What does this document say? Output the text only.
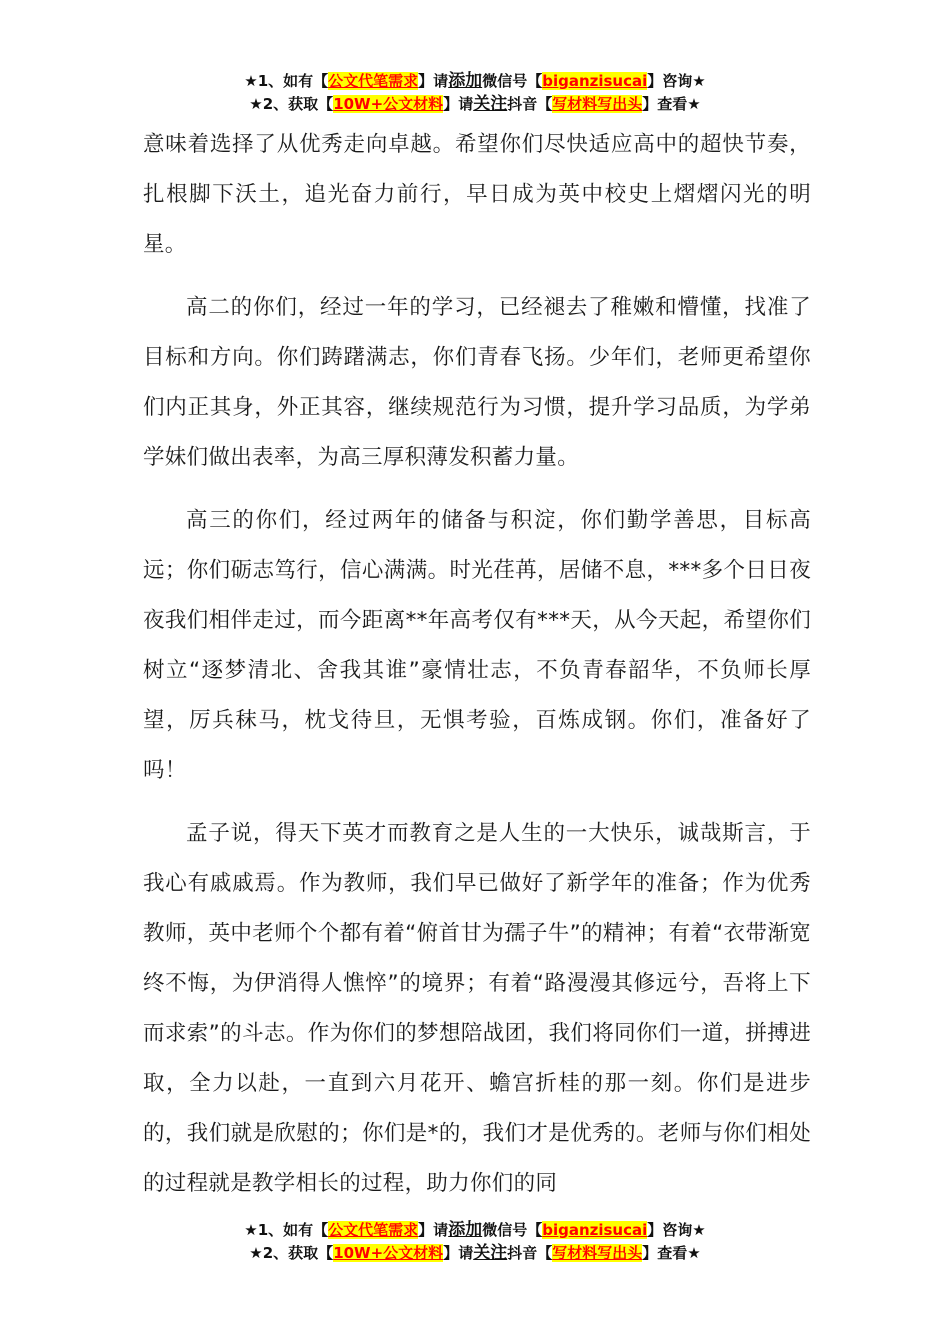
★1、如有【公文代笔需求】请添加微信号【biganzisucai】咨询★
★2、获取【10W+公文材料】请关注抖音【写材料写出头】查看★

意味着选择了从优秀走向卓越。希望你们尽快适应高中的超快节奏，扎根脚下沃土，追光奋力前行，早日成为英中校史上熠熠闪光的明星。

高二的你们，经过一年的学习，已经褪去了稚嫩和懵懂，找准了目标和方向。你们踌躇满志，你们青春飞扬。少年们，老师更希望你们内正其身，外正其容，继续规范行为习惯，提升学习品质，为学弟学妹们做出表率，为高三厚积薄发积蓄力量。

高三的你们，经过两年的储备与积淀，你们勤学善思，目标高远；你们砺志笃行，信心满满。时光荏苒，居储不息，***多个日日夜夜我们相伴走过，而今距离**年高考仅有***天，从今天起，希望你们树立“逐梦清北、舍我其谁”豪情壮志，不负青春韶华，不负师长厚望，厉兵秣马，枕戈待旦，无惧考验，百炼成钢。你们，准备好了吗！

孟子说，得天下英才而教育之是人生的一大快乐，诚哉斯言，于我心有戚戚焉。作为教师，我们早已做好了新学年的准备；作为优秀教师，英中老师个个都有着“俯首甘为孺子牛”的精神；有着“衣带渐宽终不悔，为伊消得人憔悴”的境界；有着“路漫漫其修远兮，吾将上下而求索”的斗志。作为你们的梦想陪战团，我们将同你们一道，拼搏进取，全力以赴，一直到六月花开、蟾宫折桂的那一刻。你们是进步的，我们就是欣慰的；你们是*的，我们才是优秀的。老师与你们相处的过程就是教学相长的过程，助力你们的同

★1、如有【公文代笔需求】请添加微信号【biganzisucai】咨询★
★2、获取【10W+公文材料】请关注抖音【写材料写出头】查看★
